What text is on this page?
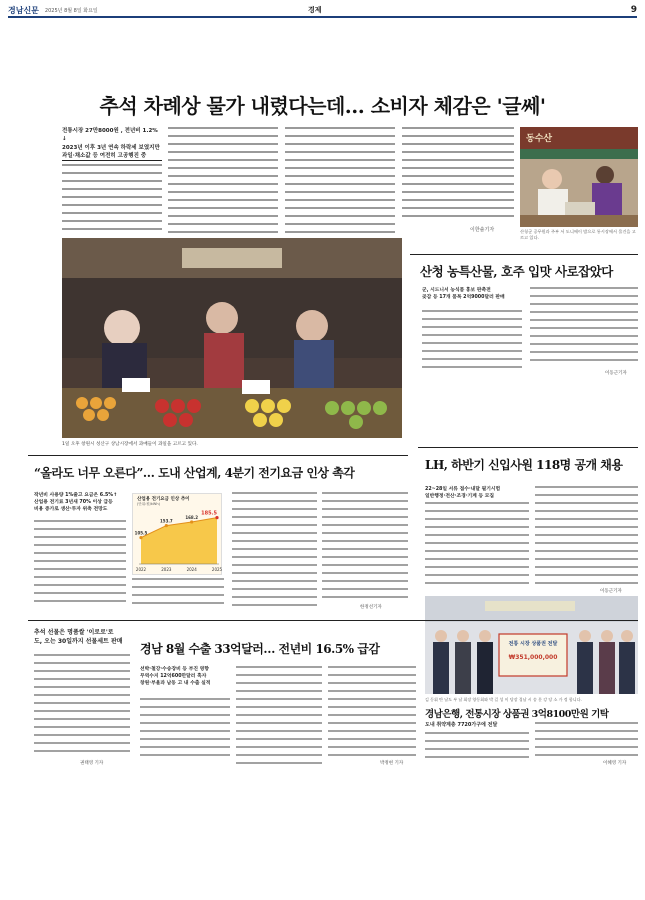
경남신문 2025년 8월 8일 화요일	경제	9
추석 차례상 물가 내렸다는데… 소비자 체감은 '글쎄'
전통시장 27만8000원 , 전년비 1.2% ↓
2023년 이후 3년 연속 하락세 보였지만
과일·채소값 등 여전히 고공행진 중
이한솔기자
동수산
산청군 공무원과 주부 서 도니에이 밤으로 통시장에서 물건을 고르고 있다.
1일 오후 창원시 성산구 상남시장에서 과매들이 과일을 고르고 있다.
산청 농특산물, 호주 입맛 사로잡았다
군, 시드니서 농식품 홍보 판촉전
곶감 등 17개 품목 2억9000달러 판매
이동근기자
“올라도 너무 오른다”… 도내 산업계, 4분기 전기요금 인상 촉각
작년비 사용량 1%줄고 요금은 6.5%↑
산업용 전기료 3년새 70% 이상 급등
비용 증가로 생산·투자 위축 전망도
산업용 전기요금 인상 추이
(단위:원/kWh)
105.5
2022
153.7
2023
168.2
2024
185.5
2025
한정선기자
LH, 하반기 신입사원 118명 공개 채용
22~28일 서류 접수·내달 필기시험
일반행정·전산·조경·기계 등 모집
이동근기자
전통 시장 상품권 전달
₩351,000,000
김 동휘 탄 남도 부 남 회장 양동회와 박 길 성 이 당장 경남 시 송 분 강 당 소 가 정 합니다.
추석 선물은 명품쌀 '이로로'로
도, 오는 30일까지 선물세트 판매
권태영 기자
경남 8월 수출 33억달러… 전년비 16.5% 급감
선박·철강·수송장비 등 부진 영향
무역수지 12억600만달러 흑자
창원·부울과 남동 고 내 수출 실적
박정현 기자
경남은행, 전통시장 상품권 3억8100만원 기탁
도내 취약계층 7720가구에 전달
이혜영 기자
